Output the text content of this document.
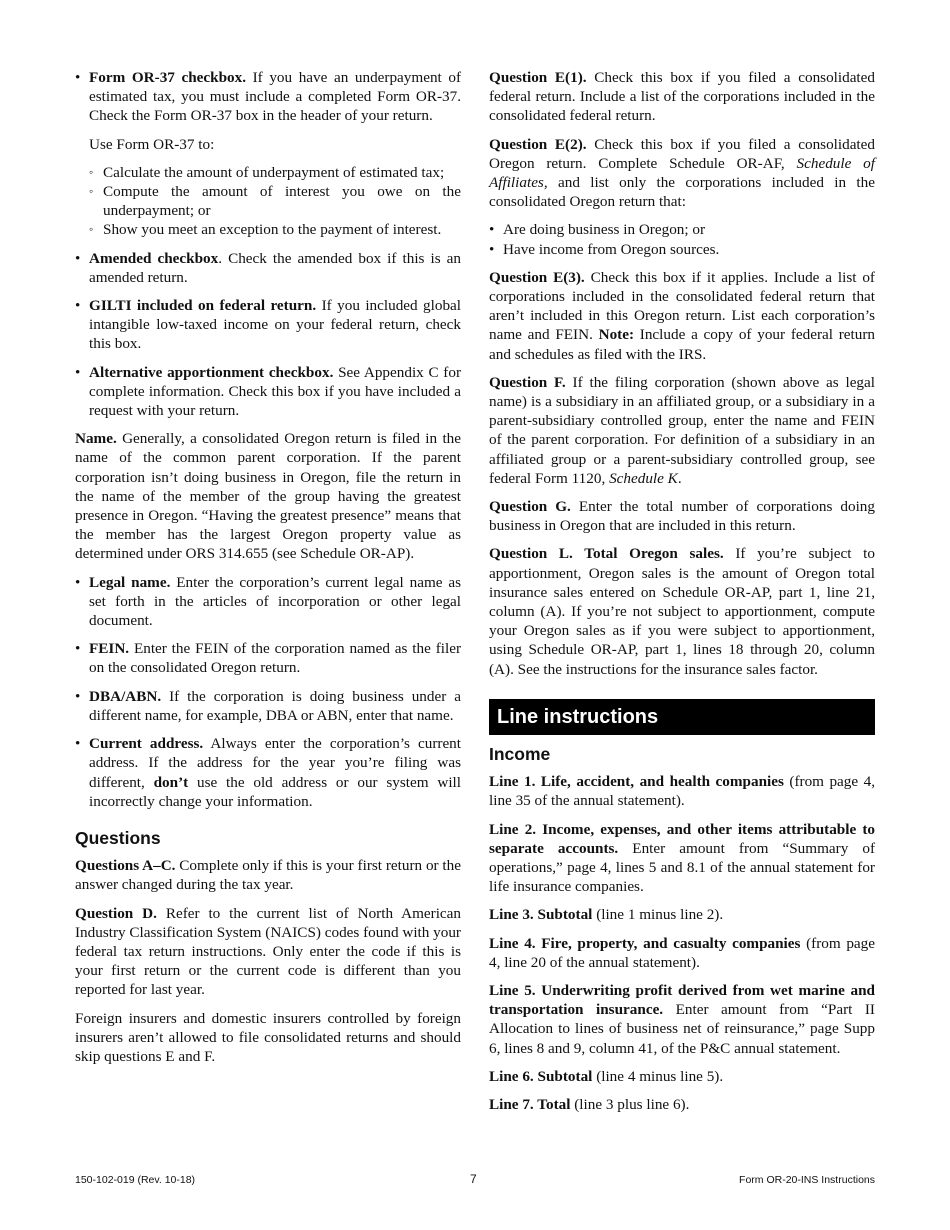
• Form OR-37 checkbox. If you have an underpayment of estimated tax, you must include a completed Form OR-37. Check the Form OR-37 box in the header of your return.

Use Form OR-37 to:

◦ Calculate the amount of underpayment of estimated tax;
◦ Compute the amount of interest you owe on the underpayment; or
◦ Show you meet an exception to the payment of interest.
• Amended checkbox. Check the amended box if this is an amended return.
• GILTI included on federal return. If you included global intangible low-taxed income on your federal return, check this box.
• Alternative apportionment checkbox. See Appendix C for complete information. Check this box if you have included a request with your return.

Name. Generally, a consolidated Oregon return is filed in the name of the common parent corporation. If the parent corporation isn’t doing business in Oregon, file the return in the name of the member of the group having the greatest presence in Oregon. “Having the greatest presence” means that the member has the largest Oregon property value as determined under ORS 314.655 (see Schedule OR-AP).

• Legal name. Enter the corporation’s current legal name as set forth in the articles of incorporation or other legal document.
• FEIN. Enter the FEIN of the corporation named as the filer on the consolidated Oregon return.
• DBA/ABN. If the corporation is doing business under a different name, for example, DBA or ABN, enter that name.
• Current address. Always enter the corporation’s current address. If the address for the year you’re filing was different, don’t use the old address or our system will incorrectly change your information.
Questions

Questions A–C. Complete only if this is your first return or the answer changed during the tax year.

Question D. Refer to the current list of North American Industry Classification System (NAICS) codes found with your federal tax return instructions. Only enter the code if this is your first return or the current code is different than you reported for last year.

Foreign insurers and domestic insurers controlled by foreign insurers aren’t allowed to file consolidated returns and should skip questions E and F.

Question E(1). Check this box if you filed a consolidated federal return. Include a list of the corporations included in the consolidated federal return.

Question E(2). Check this box if you filed a consolidated Oregon return. Complete Schedule OR-AF, Schedule of Affiliates, and list only the corporations included in the consolidated Oregon return that:

• Are doing business in Oregon; or
• Have income from Oregon sources.

Question E(3). Check this box if it applies. Include a list of corporations included in the consolidated federal return that aren’t included in this Oregon return. List each corporation’s name and FEIN. Note: Include a copy of your federal return and schedules as filed with the IRS.

Question F. If the filing corporation (shown above as legal name) is a subsidiary in an affiliated group, or a subsidiary in a parent-subsidiary controlled group, enter the name and FEIN of the parent corporation. For definition of a subsidiary in an affiliated group or a parent-subsidiary controlled group, see federal Form 1120, Schedule K.

Question G. Enter the total number of corporations doing business in Oregon that are included in this return.

Question L. Total Oregon sales. If you’re subject to apportionment, Oregon sales is the amount of Oregon total insurance sales entered on Schedule OR-AP, part 1, line 21, column (A). If you’re not subject to apportionment, compute your Oregon sales as if you were subject to apportionment, using Schedule OR-AP, part 1, lines 18 through 20, column (A). See the instructions for the insurance sales factor.

Line instructions
Income

Line 1. Life, accident, and health companies (from page 4, line 35 of the annual statement).

Line 2. Income, expenses, and other items attributable to separate accounts. Enter amount from “Summary of operations,” page 4, lines 5 and 8.1 of the annual statement for life insurance companies.

Line 3. Subtotal (line 1 minus line 2).

Line 4. Fire, property, and casualty companies (from page 4, line 20 of the annual statement).

Line 5. Underwriting profit derived from wet marine and transportation insurance. Enter amount from “Part II Allocation to lines of business net of reinsurance,” page Supp 6, lines 8 and 9, column 41, of the P&C annual statement.

Line 6. Subtotal (line 4 minus line 5).

Line 7. Total (line 3 plus line 6).

150-102-019 (Rev. 10-18)	7	Form OR-20-INS Instructions
